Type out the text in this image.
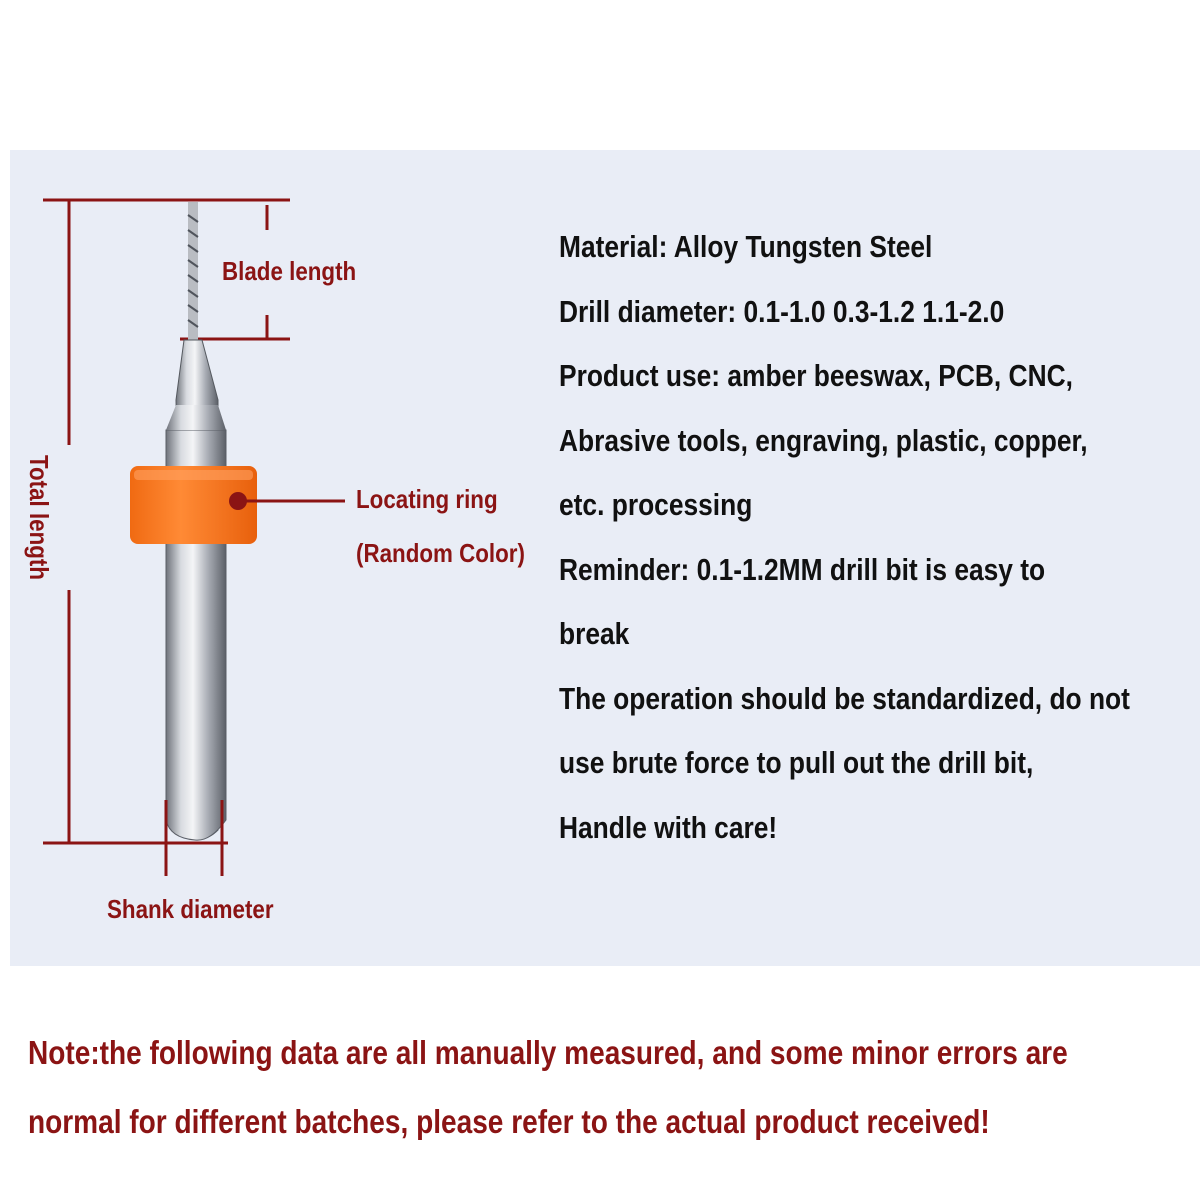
Blade length
Total length	Locating ring
(Random Color)
Shank diameter
Material: Alloy Tungsten Steel
Drill diameter: 0.1-1.0 0.3-1.2 1.1-2.0
Product use: amber beeswax, PCB, CNC,
Abrasive tools, engraving, plastic, copper,
etc. processing
Reminder: 0.1-1.2MM drill bit is easy to
break
The operation should be standardized, do not
use brute force to pull out the drill bit,
Handle with care!
Note:the following data are all manually measured, and some minor errors are
normal for different batches, please refer to the actual product received!
